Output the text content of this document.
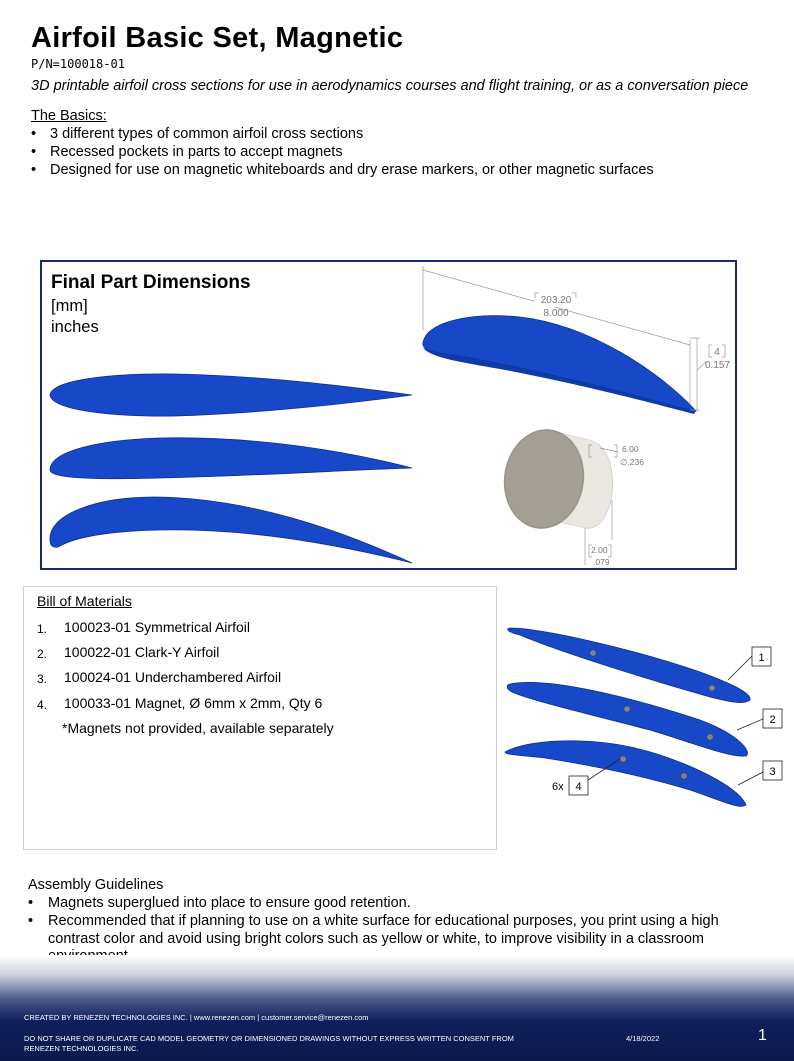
Airfoil Basic Set, Magnetic
P/N=100018-01
3D printable airfoil cross sections for use in aerodynamics courses and flight training, or as a conversation piece
The Basics:
• 3 different types of common airfoil cross sections
• Recessed pockets in parts to accept magnets
• Designed for use on magnetic whiteboards and dry erase markers, or other magnetic surfaces
Final Part Dimensions
[mm]
inches
203.20
8.000
4
0.157
6.00
∅.236
2.00
.079
1
2
3
4
6x
Bill of Materials
1. 100023-01 Symmetrical Airfoil
2. 100022-01 Clark-Y Airfoil
3. 100024-01 Underchambered Airfoil
4. 100033-01 Magnet, Ø 6mm x 2mm, Qty 6
*Magnets not provided, available separately
Assembly Guidelines
• Magnets superglued into place to ensure good retention.
• Recommended that if planning to use on a white surface for educational purposes, you print using a high
contrast color and avoid using bright colors such as yellow or white, to improve visibility in a classroom
CREATED BY RENEZEN TECHNOLOGIES INC. | www.renezen.com | customer.service@renezen.com
DO NOT SHARE OR DUPLICATE CAD MODEL GEOMETRY OR DIMENSIONED DRAWINGS WITHOUT EXPRESS WRITTEN CONSENT FROM
RENEZEN TECHNOLOGIES INC.
4/18/2022	1
